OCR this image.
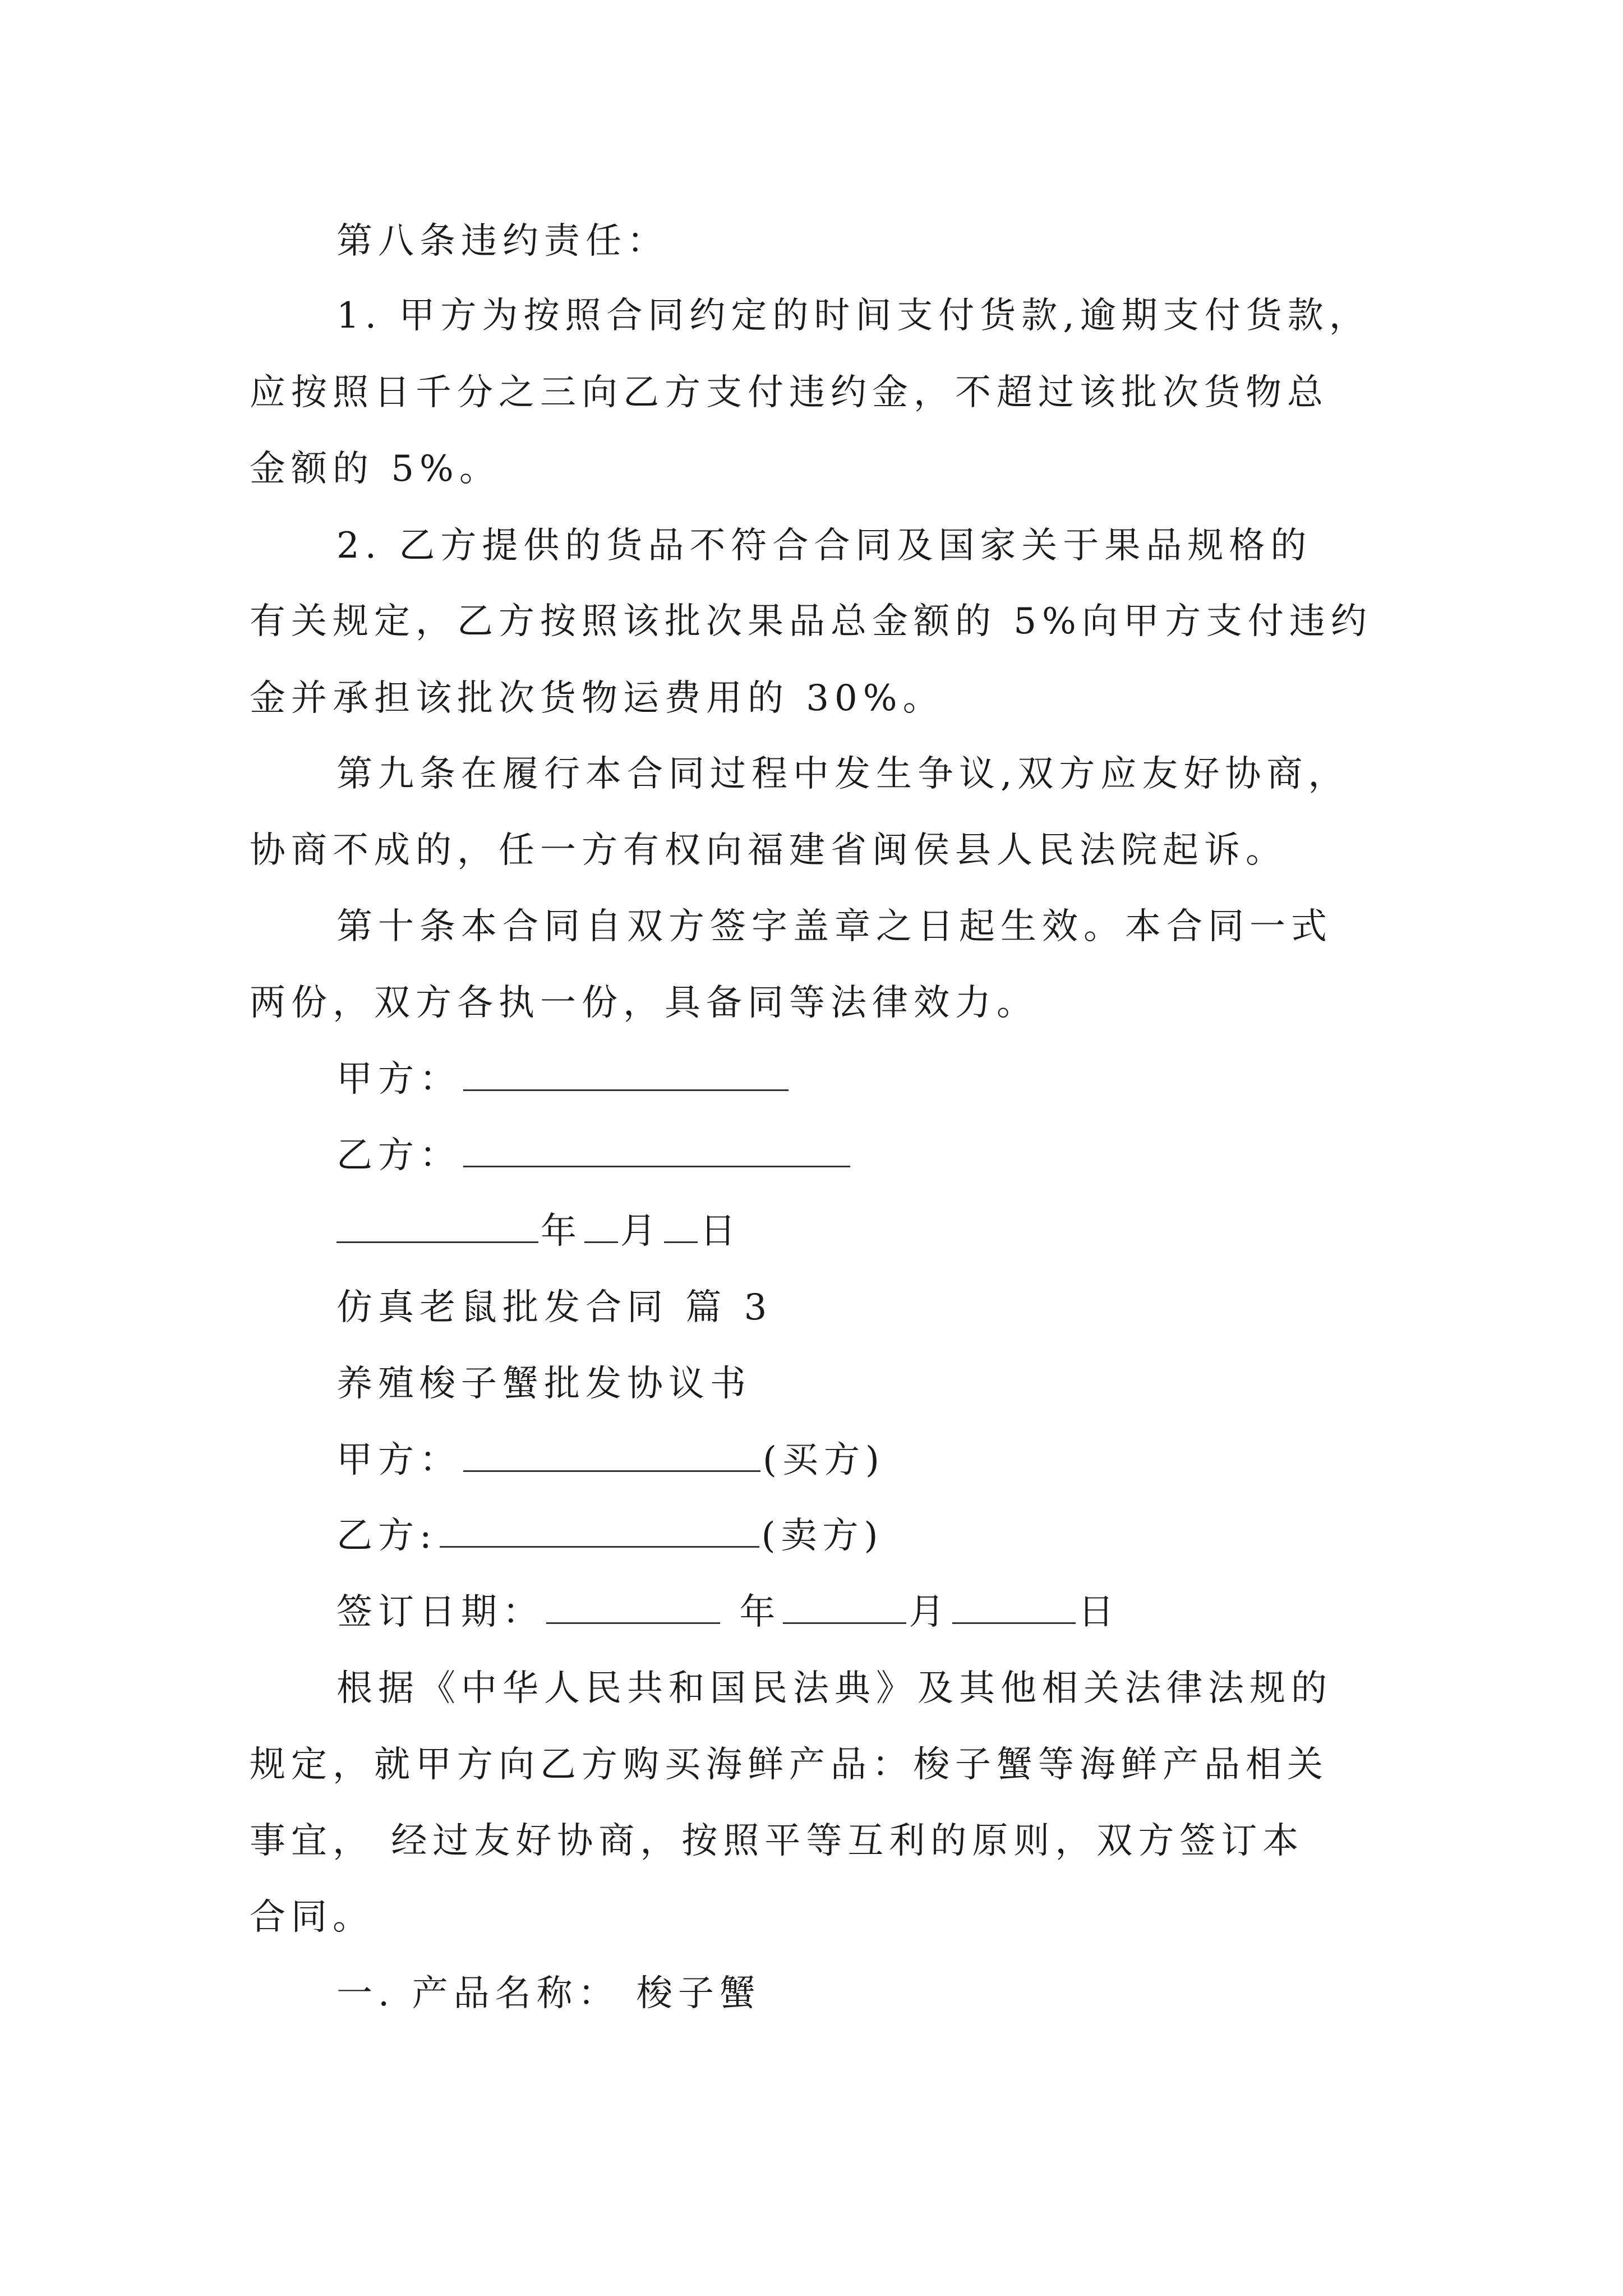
第八条违约责任：
1. 甲方为按照合同约定的时间支付货款,逾期支付货款，
应按照日千分之三向乙方支付违约金，不超过该批次货物总
金额的 5%。
2. 乙方提供的货品不符合合同及国家关于果品规格的
有关规定，乙方按照该批次果品总金额的 5%向甲方支付违约
金并承担该批次货物运费用的 30%。
第九条在履行本合同过程中发生争议,双方应友好协商，
协商不成的，任一方有权向福建省闽侯县人民法院起诉。
第十条本合同自双方签字盖章之日起生效。本合同一式
两份，双方各执一份，具备同等法律效力。
甲方：
乙方：
年 月 日
仿真老鼠批发合同 篇 3
养殖梭子蟹批发协议书
甲方：	(买方)
乙方:	(卖方)
签订日期：	年	月	日
根据《中华人民共和国民法典》及其他相关法律法规的
规定，就甲方向乙方购买海鲜产品：梭子蟹等海鲜产品相关
事宜， 经过友好协商，按照平等互利的原则，双方签订本
合同。
一. 产品名称： 梭子蟹
